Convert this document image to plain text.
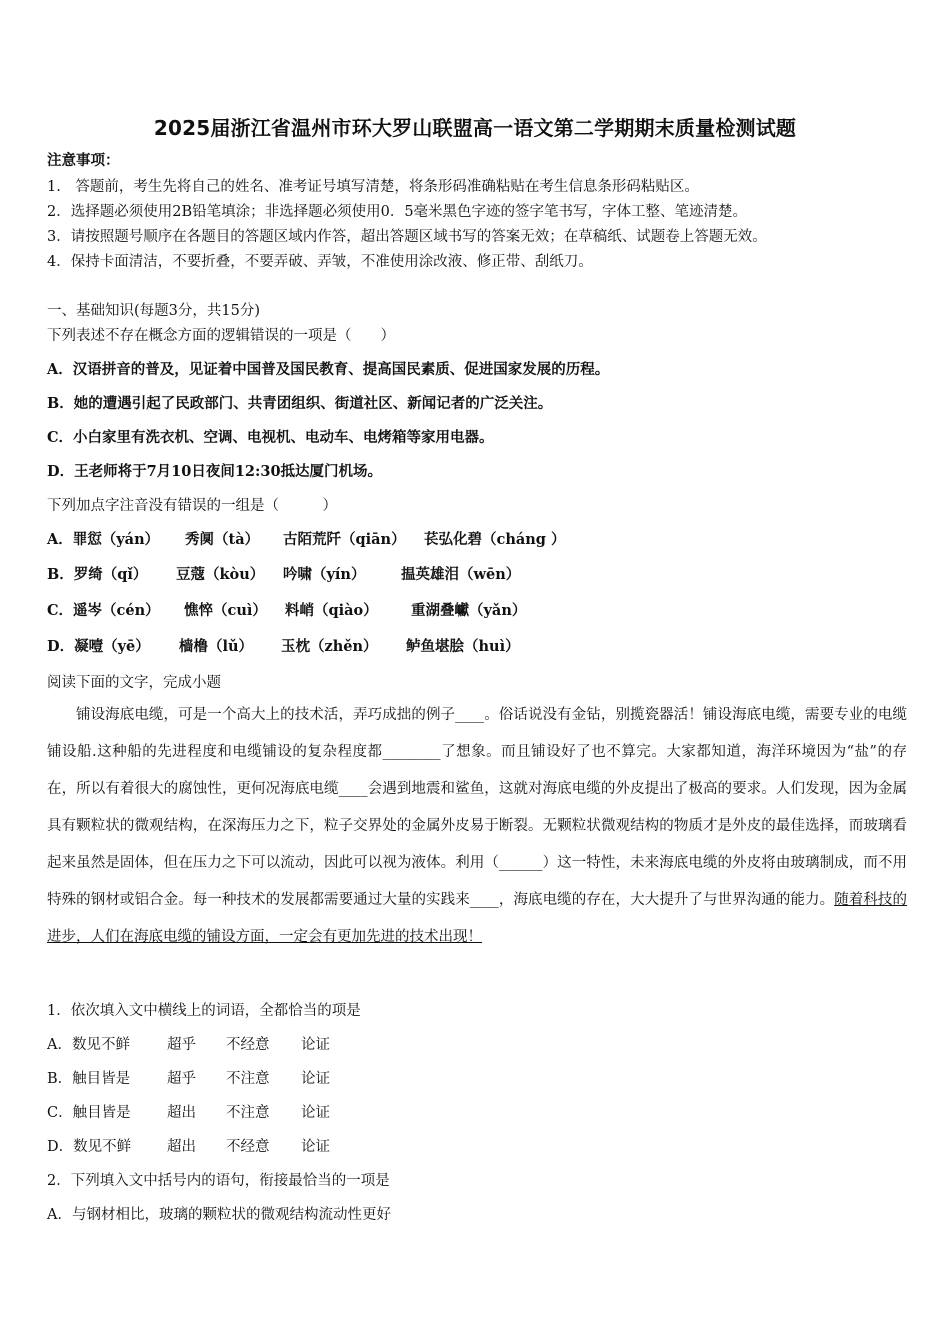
2025届浙江省温州市环大罗山联盟高一语文第二学期期末质量检测试题
注意事项：
1.　答题前，考生先将自己的姓名、准考证号填写清楚，将条形码准确粘贴在考生信息条形码粘贴区。
2．选择题必须使用2B铅笔填涂；非选择题必须使用0．5毫米黑色字迹的签字笔书写，字体工整、笔迹清楚。
3．请按照题号顺序在各题目的答题区域内作答，超出答题区域书写的答案无效；在草稿纸、试题卷上答题无效。
4．保持卡面清洁，不要折叠，不要弄破、弄皱，不准使用涂改液、修正带、刮纸刀。
一、基础知识(每题3分，共15分)
下列表述不存在概念方面的逻辑错误的一项是（　　）
A．汉语拼音的普及，见证着中国普及国民教育、提高国民素质、促进国家发展的历程。
B．她的遭遇引起了民政部门、共青团组织、街道社区、新闻记者的广泛关注。
C．小白家里有洗衣机、空调、电视机、电动车、电烤箱等家用电器。
D．王老师将于7月10日夜间12:30抵达厦门机场。
下列加点字注音没有错误的一组是（　　　）
A．罪愆（yán） 秀阒（tà） 古陌荒阡（qiān） 苌弘化碧（cháng ）
B．罗绮（qǐ） 豆蔻（kòu） 吟啸（yín） 揾英雄泪（wēn）
C．遥岑（cén） 憔悴（cuì） 料峭（qiào） 重湖叠巘（yǎn）
D．凝噎（yē） 樯橹（lǔ） 玉枕（zhěn） 鲈鱼堪脍（huì）
阅读下面的文字，完成小题
铺设海底电缆，可是一个高大上的技术活，弄巧成拙的例子____。俗话说没有金钻，别揽瓷器活！铺设海底电缆，需要专业的电缆铺设船.这种船的先进程度和电缆铺设的复杂程度都________了想象。而且铺设好了也不算完。大家都知道，海洋环境因为“盐”的存在，所以有着很大的腐蚀性，更何况海底电缆____会遇到地震和鲨鱼，这就对海底电缆的外皮提出了极高的要求。人们发现，因为金属具有颗粒状的微观结构，在深海压力之下，粒子交界处的金属外皮易于断裂。无颗粒状微观结构的物质才是外皮的最佳选择，而玻璃看起来虽然是固体，但在压力之下可以流动，因此可以视为液体。利用（______）这一特性，未来海底电缆的外皮将由玻璃制成，而不用特殊的钢材或铝合金。每一种技术的发展都需要通过大量的实践来____，海底电缆的存在，大大提升了与世界沟通的能力。随着科技的进步，人们在海底电缆的铺设方面，一定会有更加先进的技术出现！
1．依次填入文中横线上的词语，全都恰当的项是
A．数见不鲜	超乎 不经意 论证
B．触目皆是	超乎 不注意 论证
C．触目皆是	超出 不注意 论证
D．数见不鲜 超出 不经意 论证
2．下列填入文中括号内的语句，衔接最恰当的一项是
A．与钢材相比，玻璃的颗粒状的微观结构流动性更好
